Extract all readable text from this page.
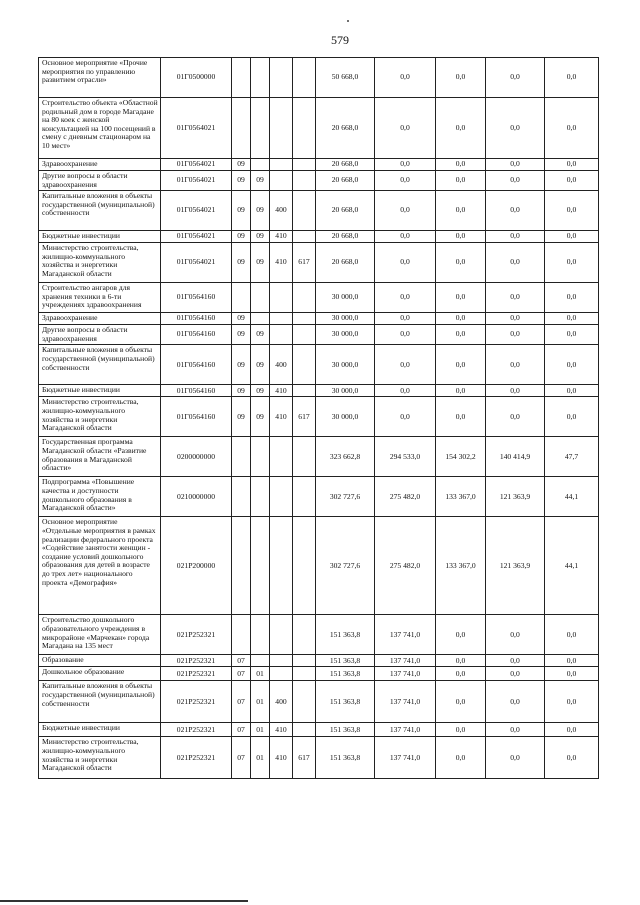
579
Основное мероприятие «Прочие мероприятия по управлению развитием отрасли»	01Г0500000					50 668,0	0,0	0,0	0,0	0,0
Строительство объекта «Областной родильный дом в городе Магадане на 80 коек с женской консультацией на 100 посещений в смену с дневным стационаром на 10 мест»	01Г0564021					20 668,0	0,0	0,0	0,0	0,0
Здравоохранение	01Г0564021	09				20 668,0	0,0	0,0	0,0	0,0
Другие вопросы в области здравоохранения	01Г0564021	09	09			20 668,0	0,0	0,0	0,0	0,0
Капитальные вложения в объекты государственной (муниципальной) собственности	01Г0564021	09	09	400		20 668,0	0,0	0,0	0,0	0,0
Бюджетные инвестиции	01Г0564021	09	09	410		20 668,0	0,0	0,0	0,0	0,0
Министерство строительства, жилищно-коммунального хозяйства и энергетики Магаданской области	01Г0564021	09	09	410	617	20 668,0	0,0	0,0	0,0	0,0
Строительство ангаров для хранения техники в 6-ти учреждениях здравоохранения	01Г0564160					30 000,0	0,0	0,0	0,0	0,0
Здравоохранение	01Г0564160	09				30 000,0	0,0	0,0	0,0	0,0
Другие вопросы в области здравоохранения	01Г0564160	09	09			30 000,0	0,0	0,0	0,0	0,0
Капитальные вложения в объекты государственной (муниципальной) собственности	01Г0564160	09	09	400		30 000,0	0,0	0,0	0,0	0,0
Бюджетные инвестиции	01Г0564160	09	09	410		30 000,0	0,0	0,0	0,0	0,0
Министерство строительства, жилищно-коммунального хозяйства и энергетики Магаданской области	01Г0564160	09	09	410	617	30 000,0	0,0	0,0	0,0	0,0
Государственная программа Магаданской области «Развитие образования в Магаданской области»	0200000000					323 662,8	294 533,0	154 302,2	140 414,9	47,7
Подпрограмма «Повышение качества и доступности дошкольного образования в Магаданской области»	0210000000					302 727,6	275 482,0	133 367,0	121 363,9	44,1
Основное мероприятие «Отдельные мероприятия в рамках реализации федерального проекта «Содействие занятости женщин - создание условий дошкольного образования для детей в возрасте до трех лет» национального проекта «Демография»	021P200000					302 727,6	275 482,0	133 367,0	121 363,9	44,1
Строительство дошкольного образовательного учреждения в микрорайоне «Марчекан» города Магадана на 135 мест	021P252321					151 363,8	137 741,0	0,0	0,0	0,0
Образование	021P252321	07				151 363,8	137 741,0	0,0	0,0	0,0
Дошкольное образование	021P252321	07	01			151 363,8	137 741,0	0,0	0,0	0,0
Капитальные вложения в объекты государственной (муниципальной) собственности	021P252321	07	01	400		151 363,8	137 741,0	0,0	0,0	0,0
Бюджетные инвестиции	021P252321	07	01	410		151 363,8	137 741,0	0,0	0,0	0,0
Министерство строительства, жилищно-коммунального хозяйства и энергетики Магаданской области	021P252321	07	01	410	617	151 363,8	137 741,0	0,0	0,0	0,0
